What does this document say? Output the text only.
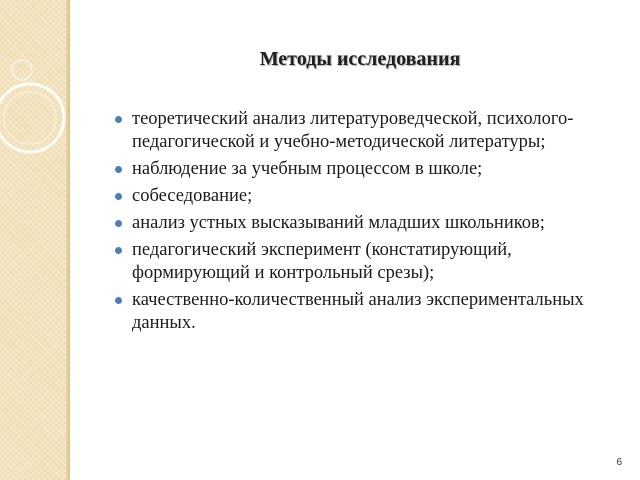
Методы исследования
теоретический анализ литературоведческой, психолого-педагогической и учебно-методической литературы;
наблюдение за учебным процессом в школе;
собеседование;
анализ устных высказываний младших школьников;
педагогический эксперимент (констатирующий, формирующий и контрольный срезы);
качественно-количественный анализ экспериментальных данных.
6
